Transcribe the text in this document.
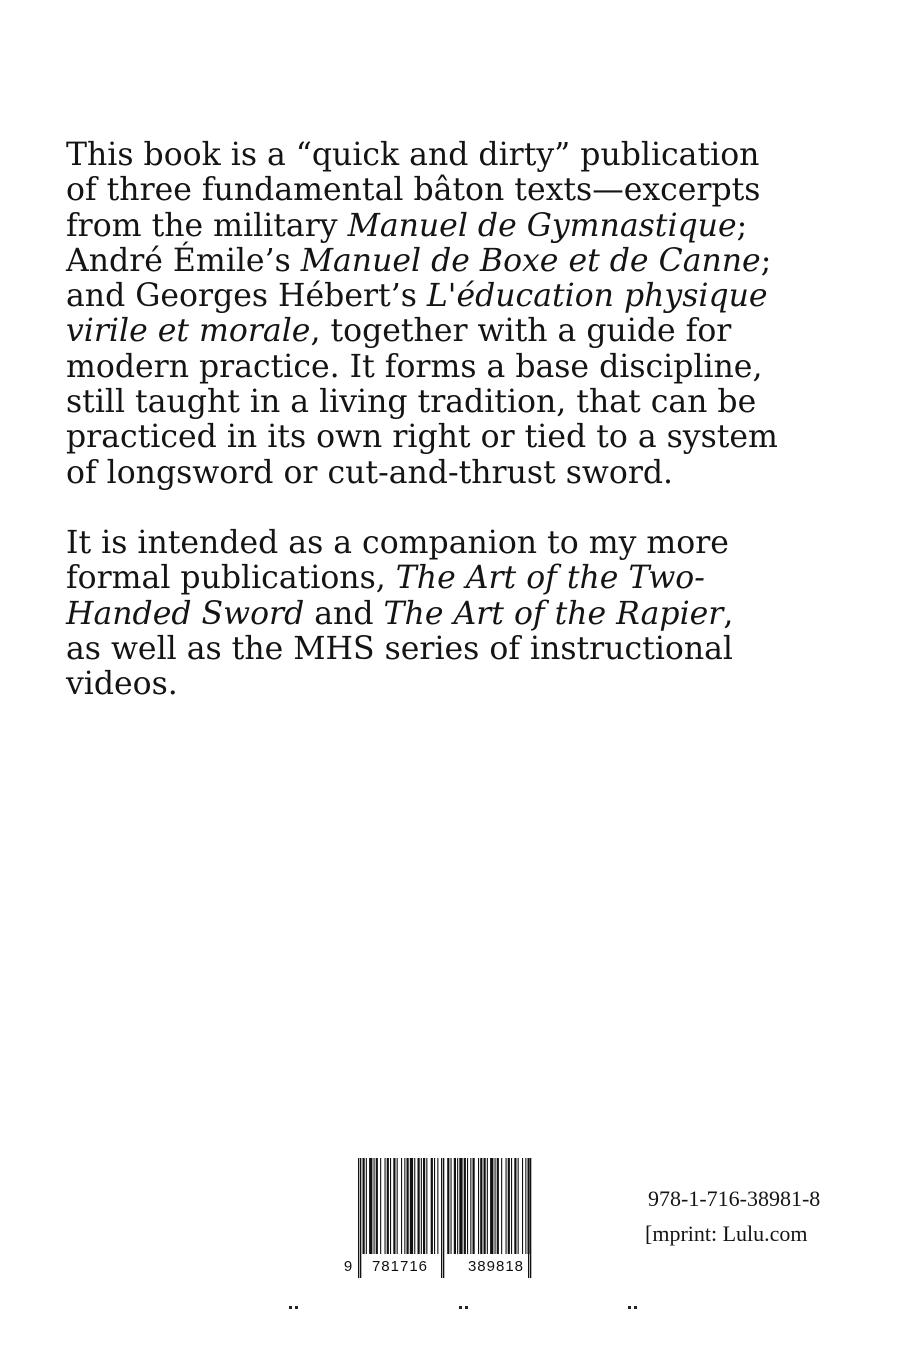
This book is a “quick and dirty” publication
of three fundamental bâton texts—excerpts
from the military Manuel de Gymnastique;
André Émile’s Manuel de Boxe et de Canne;
and Georges Hébert’s L'éducation physique
virile et morale, together with a guide for
modern practice. It forms a base discipline,
still taught in a living tradition, that can be
practiced in its own right or tied to a system
of longsword or cut-and-thrust sword.

It is intended as a companion to my more
formal publications, The Art of the Two-
Handed Sword and The Art of the Rapier,
as well as the MHS series of instructional
videos.

9 781716	389818
978-1-716-38981-8
[mprint: Lulu.com
